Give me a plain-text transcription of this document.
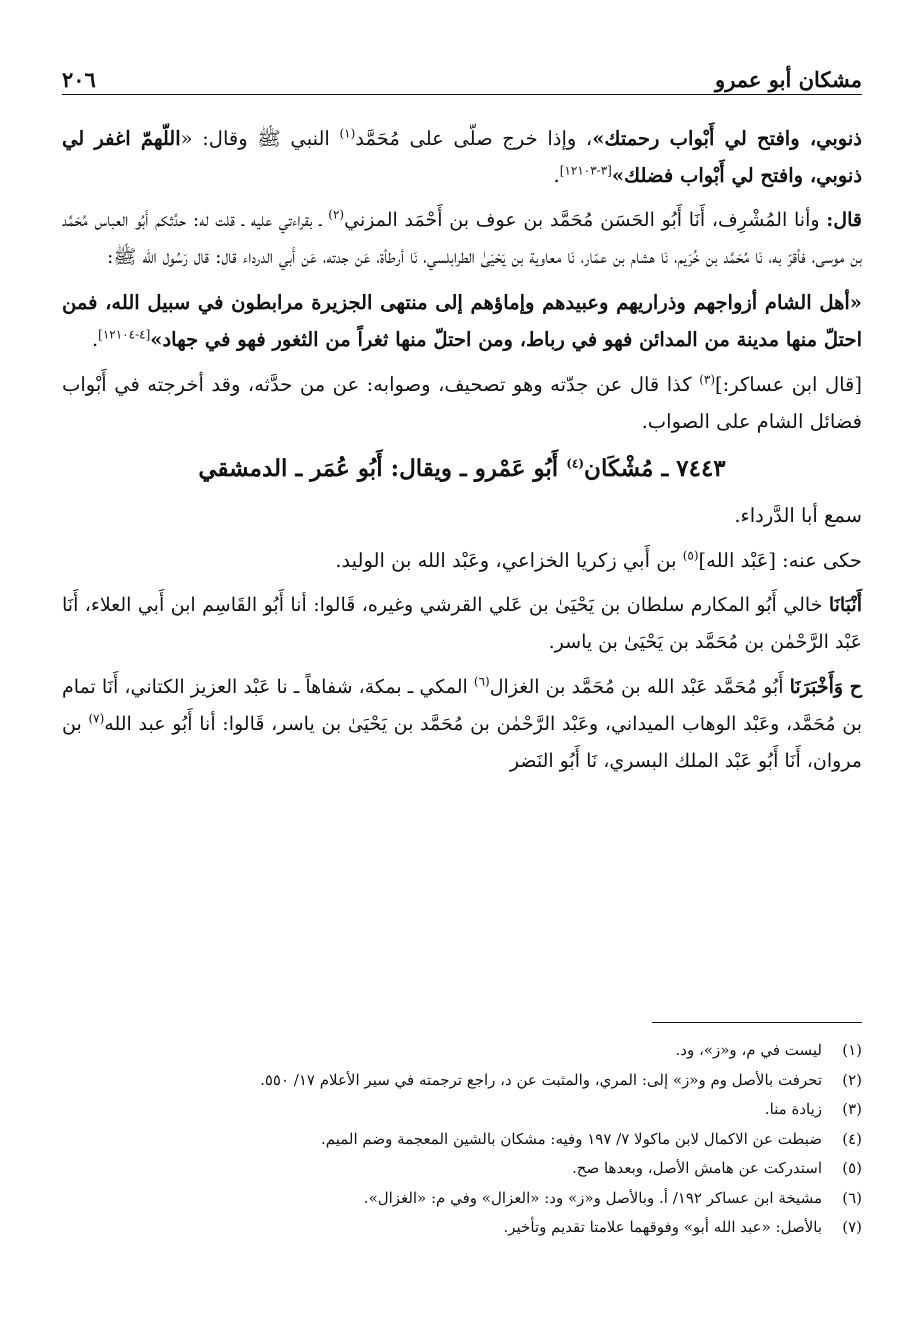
مشكان أبو عمرو
٢٠٦

ذنوبي، وافتح لي أَبْواب رحمتك»، وإذا خرج صلّى على مُحَمَّد$^{(١)}$ النبي ﷺ وقال: «اللّهمّ اغفر لي ذنوبي، وافتح لي أَبْواب فضلك»[٣-١٢١٠٣].

قال: وأنا المُشْرِف، أَنَا أَبُو الحَسَن مُحَمَّد بن عوف بن أَحْمَد المزني$^{(٢)}$ ـ بقراءتي عليه ـ قلت له: حدَّثكم أَبُو العباس مُحَمَّد بن موسى، فأقرّ به، نَا مُحَمَّد بن خُرَيم، نَا هشام بن عمّار، نَا معاوية بن يَحْيَىٰ الطرابلسي، نَا أرطأة، عَن جدته، عَن أَبي الدرداء قال: قال رَسُول الله ﷺ:

«أهل الشام أزواجهم وذراريهم وعبيدهم وإماؤهم إلى منتهى الجزيرة مرابطون في سبيل الله، فمن احتلّ منها مدينة من المدائن فهو في رباط، ومن احتلّ منها ثغراً من الثغور فهو في جهاد»[٤-١٢١٠٤].

[قال ابن عساكر:]$^{(٣)}$ كذا قال عن جدّته وهو تصحيف، وصوابه: عن من حدَّثه، وقد أخرجته في أَبْواب فضائل الشام على الصواب.

٧٤٤٣ ـ مُشْكَان$^{(٤)}$ أَبُو عَمْرو ـ ويقال: أَبُو عُمَر ـ الدمشقي

سمع أبا الدَّرداء.

حكى عنه: [عَبْد الله]$^{(٥)}$ بن أَبي زكريا الخزاعي، وعَبْد الله بن الوليد.

أَنْبَانَا خالي أَبُو المكارم سلطان بن يَحْيَىٰ بن عَلي القرشي وغيره، قَالوا: أنا أَبُو القَاسِم ابن أَبي العلاء، أَنَا عَبْد الرَّحْمٰن بن مُحَمَّد بن يَحْيَىٰ بن ياسر.

ح وَأَخْبَرَنَا أَبُو مُحَمَّد عَبْد الله بن مُحَمَّد بن الغزال$^{(٦)}$ المكي ـ بمكة، شفاهاً ـ نا عَبْد العزيز الكتاني، أَنَا تمام بن مُحَمَّد، وعَبْد الوهاب الميداني، وعَبْد الرَّحْمٰن بن مُحَمَّد بن يَحْيَىٰ بن ياسر، قَالوا: أنا أَبُو عبد الله$^{(٧)}$ بن مروان، أَنَا أَبُو عَبْد الملك البسري، نَا أَبُو النَضر

(١)
ليست في م، و«ز»، ود.
(٢)
تحرفت بالأصل وم و«ز» إلى: المري، والمثبت عن د، راجع ترجمته في سير الأعلام ١٧/ ٥٥٠.
(٣)
زيادة منا.
(٤)
ضبطت عن الاكمال لابن ماكولا ٧/ ١٩٧ وفيه: مشكان بالشين المعجمة وضم الميم.
(٥)
استدركت عن هامش الأصل، وبعدها صح.
(٦)
مشيخة ابن عساكر ١٩٢/ أ. وبالأصل و«ز» ود: «العزال» وفي م: «الغزال».
(٧)
بالأصل: «عبد الله أبو» وفوقهما علامتا تقديم وتأخير.
